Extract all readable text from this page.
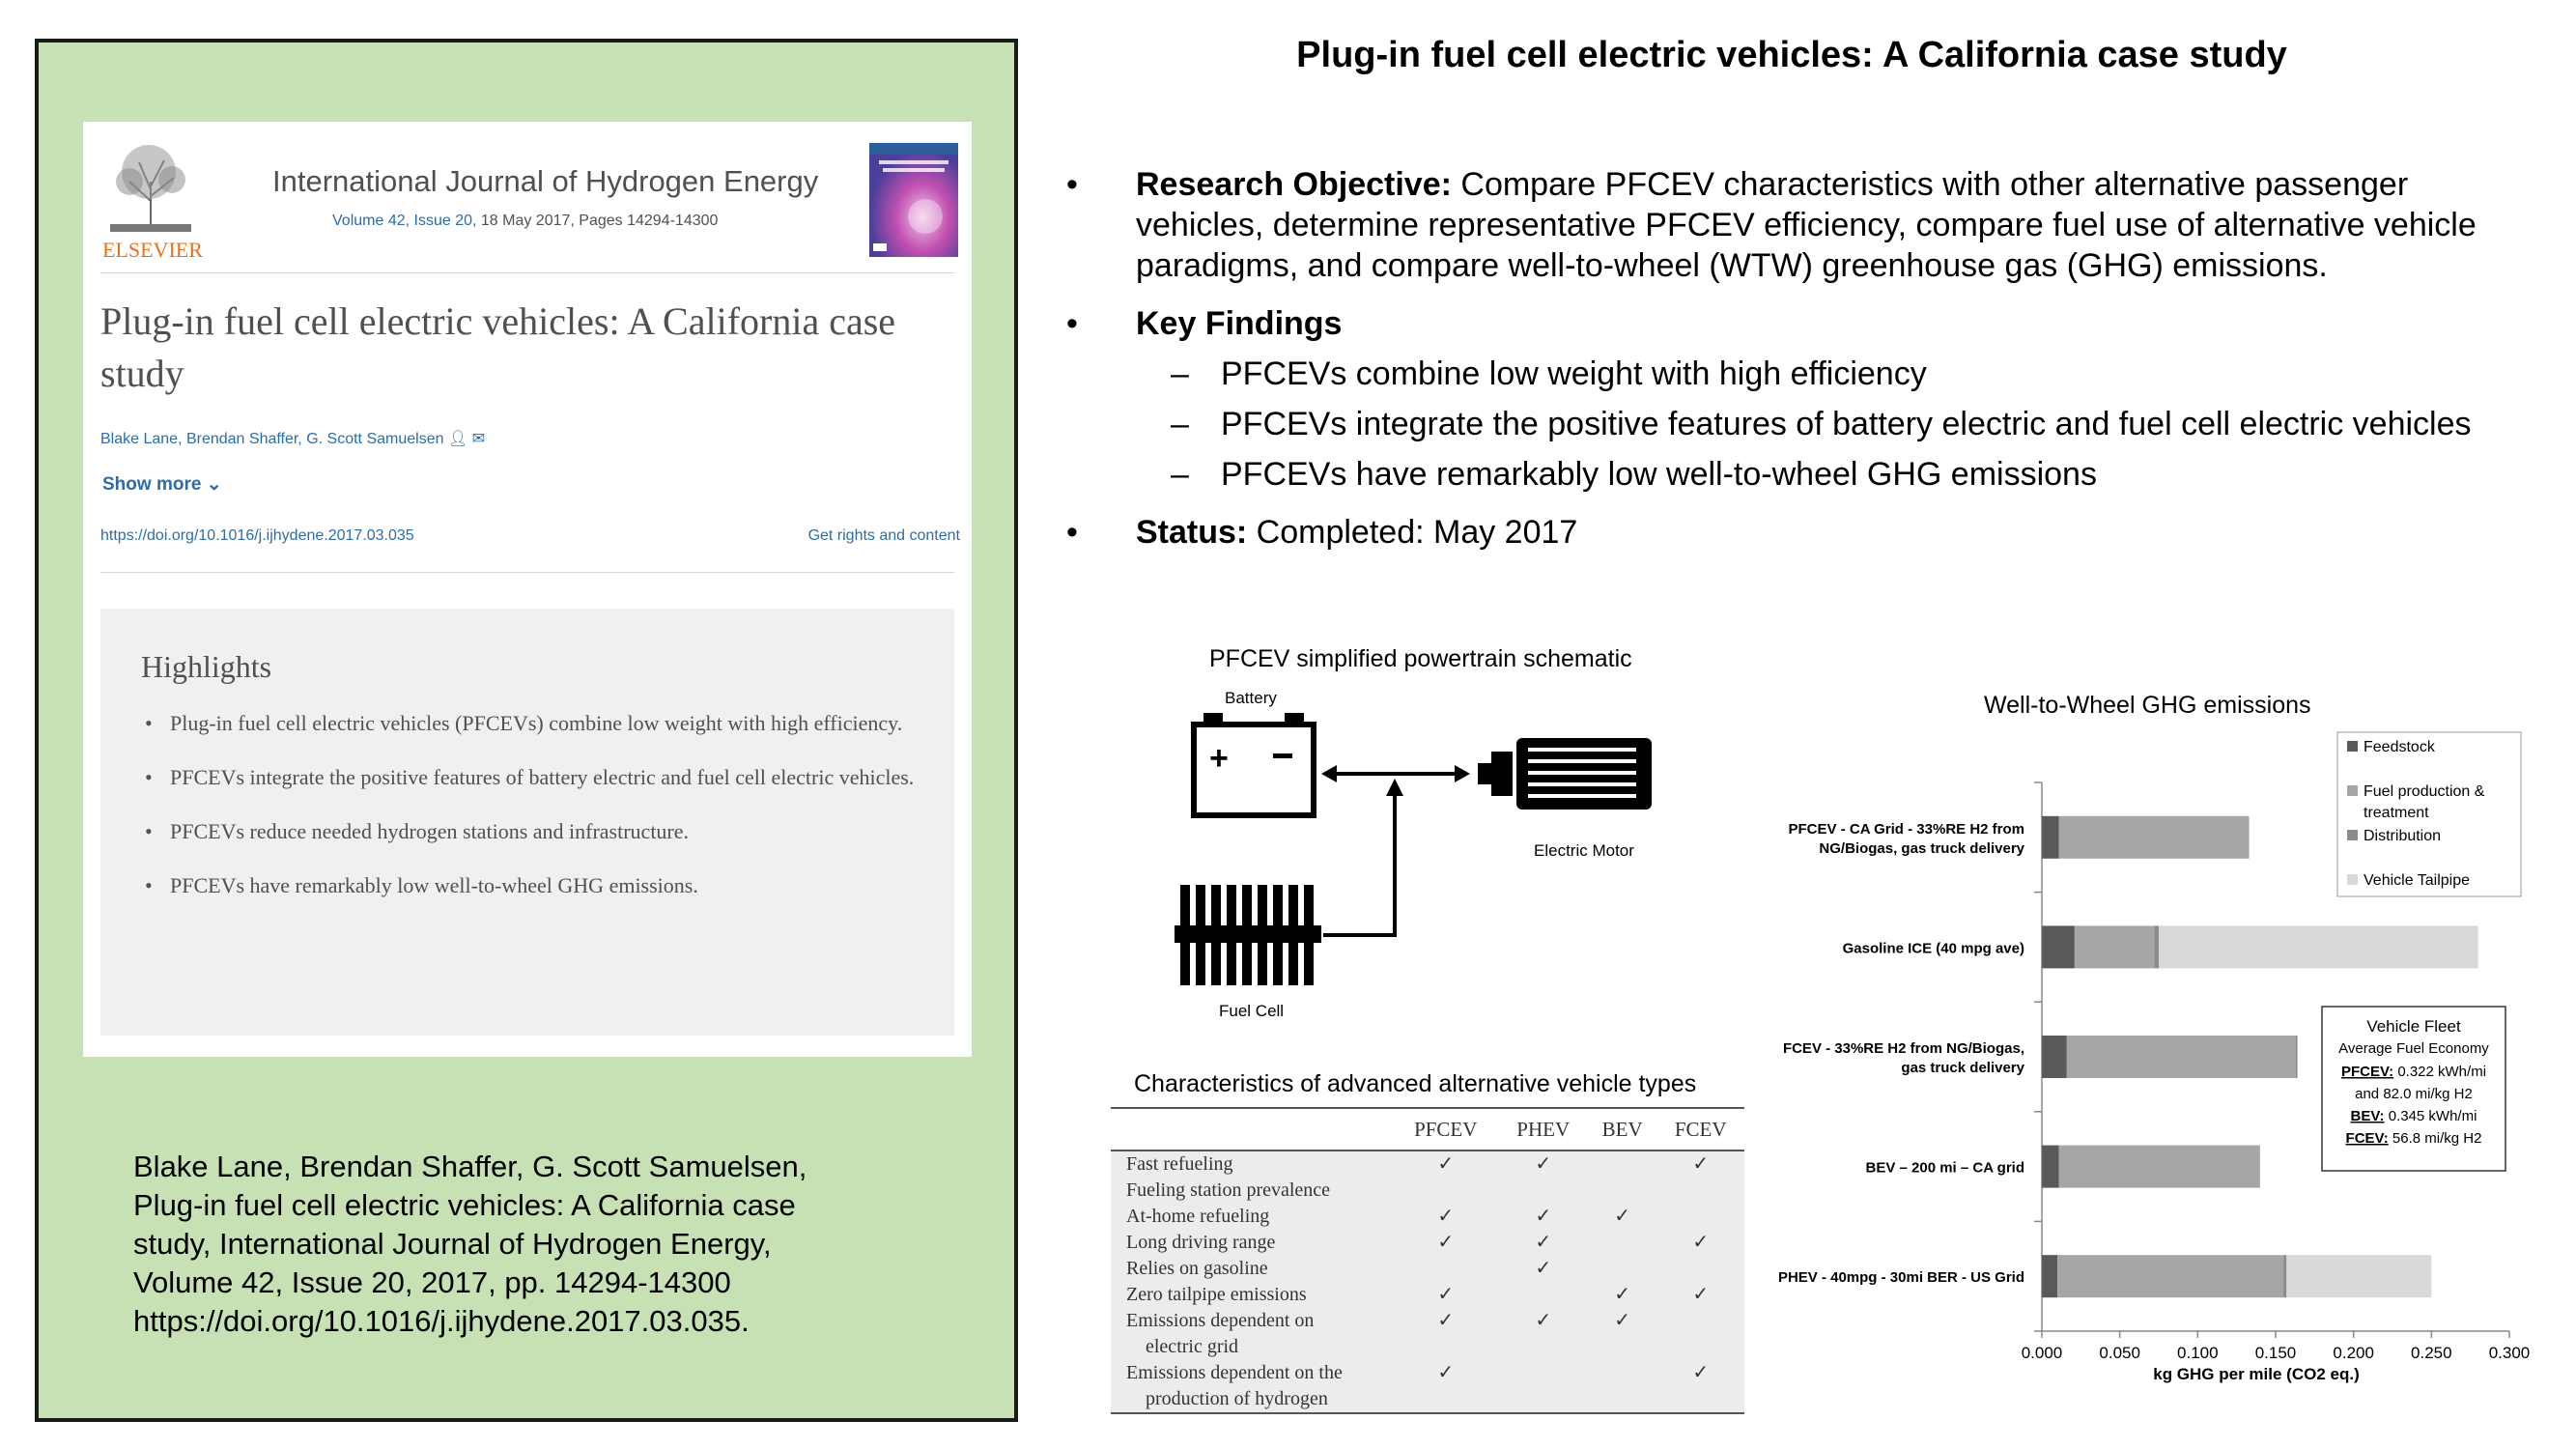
ELSEVIER
International Journal of Hydrogen Energy
Volume 42, Issue 20, 18 May 2017, Pages 14294-14300
Plug-in fuel cell electric vehicles: A California case study
Blake Lane, Brendan Shaffer, G. Scott Samuelsen 👤︎ ✉︎
Show more ⌄
https://doi.org/10.1016/j.ijhydene.2017.03.035	Get rights and content
Highlights
• Plug-in fuel cell electric vehicles (PFCEVs) combine low weight with high efficiency.
• PFCEVs integrate the positive features of battery electric and fuel cell electric vehicles.
• PFCEVs reduce needed hydrogen stations and infrastructure.
• PFCEVs have remarkably low well-to-wheel GHG emissions.
Blake Lane, Brendan Shaffer, G. Scott Samuelsen,
Plug-in fuel cell electric vehicles: A California case
study, International Journal of Hydrogen Energy,
Volume 42, Issue 20, 2017, pp. 14294-14300
https://doi.org/10.1016/j.ijhydene.2017.03.035.
Plug-in fuel cell electric vehicles: A California case study
• Research Objective: Compare PFCEV characteristics with other alternative passenger vehicles, determine representative PFCEV efficiency, compare fuel use of alternative vehicle paradigms, and compare well-to-wheel (WTW) greenhouse gas (GHG) emissions.
• Key Findings
– PFCEVs combine low weight with high efficiency
– PFCEVs integrate the positive features of battery electric and fuel cell electric vehicles
– PFCEVs have remarkably low well-to-wheel GHG emissions
• Status: Completed: May 2017
PFCEV simplified powertrain schematic
Battery
+
Electric Motor
Fuel Cell
Characteristics of advanced alternative vehicle types
	PFCEV	PHEV	BEV	FCEV

Fast refueling	✓	✓		✓

Fueling station prevalence				

At-home refueling	✓	✓	✓	

Long driving range	✓	✓		✓

Relies on gasoline		✓		

Zero tailpipe emissions	✓		✓	✓

Emissions dependent on
electric grid	✓	✓	✓	

Emissions dependent on the
production of hydrogen	✓			✓
Well-to-Wheel GHG emissions
0.000 0.050 0.100 0.150 0.200 0.250 0.300
kg GHG per mile (CO2 eq.)
PFCEV - CA Grid - 33%RE H2 from
NG/Biogas, gas truck delivery
Gasoline ICE (40 mpg ave)
FCEV - 33%RE H2 from NG/Biogas,
gas truck delivery
BEV – 200 mi – CA grid
PHEV - 40mpg - 30mi BER - US Grid
Feedstock
Fuel production &
treatment
Distribution
Vehicle Tailpipe
Vehicle Fleet
Average Fuel Economy
PFCEV: 0.322 kWh/mi
and 82.0 mi/kg H2
BEV: 0.345 kWh/mi
FCEV: 56.8 mi/kg H2
